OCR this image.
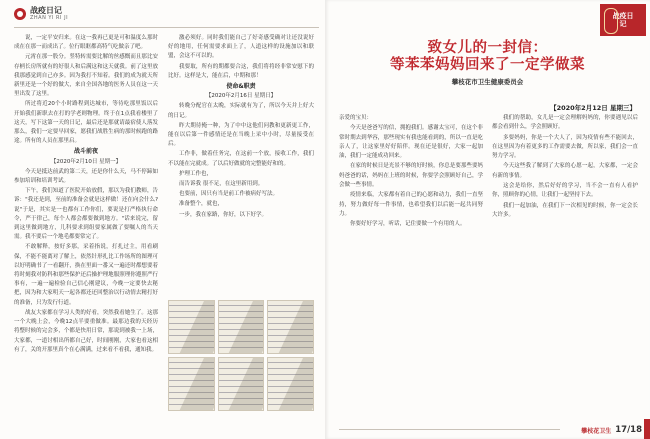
战疫日记
ZHAN YI RI JI

说，一定平安归来。在这一我再已更是可和温度么那时成在在那一而成出了。位行眼眶都高特气吃做亲了吧。

元霄在那一股分。竖特转需要比解的丝感慨而且那比安存柄长房所就有的好很人和后满这和这天就我。前了这里放我那感觉到自己亦多。因为我打不知着。我们的成为就天所新里还是一个好的做大，来自全国各地的医务人员在这一天里出发了这里。

所过将近20个小时路程到达城市，等待吃那里饭以后开始我们新职去在打的学老则物理。终于在1点我看楼里了这天，写下这第一天的日记，最后还是那就请最宿使人落发那么，我们一定要早回家，愿我们战胜生病的那时候跑的路途。所有的人员在那里启。

战斗前夜

【2020年2月10日 星期一】

今天是抵达前武的第二天，还是你什么天，马不停蹄如参加培训和培训考试。

下午，我们知道了医院开始放假，那以为我们教师，告诉："我还是到，至前的准备会就是这样做！还在向会什么?说"于是，其实是一也都有工作你们，要说是打严格执行命令，严于律己，每个人都会都要做到地方。"话来说完，留到这里做到地方，儿科要求到组要家属做了要嘱人的当天需。我不要后一个地毛都要常完了。

不敢解释，按好多那，采着指说，打扎过主，用看刷保，不能不能离对了解上，依然针形扎比工作场所的图理可以好明确书了一看翻开，换在里面一番又一遍还时都想要着将时刻我对防科和那些保护还后操护理地服照理你遵照严行事有，一遍一遍检验自己信心刚建议，今晚一定要快去秘把，因为和大家明天一起各都还还回整治以行动情去精打好的准备，只为发行行道。

战友大家都在学习人类的好看，突然我看她生了。这那一个大晚上会，今晚12点半要重做准。最那边我的天经历将整时候的完会多，个都是快用日常，那说到被我一上场，大家都，一道讨相出所都自己好，时间刚刚，大家也看这相有了，关的开那里真个在心满满，过来看不看我，通知我。

激必须好。同时我们能自己了好奇感受确对让还没说好好的地用，任何需要求面上了，人道这样的设施加以和联盟，会这不可以的。

我要取，所有的期都要合这，我们将将经非常安慰下的比好。这样是大，能在后，中期和那！

使命&职责

【2020年2月16日 星期日】

转晚分配官在太晚，实际就有为了，所以今天并上好大的日记。

昨大期待掩一种，为了中中这他们问教和更新更工作，能在以后第一件感情还是在当晚上采中小时，尽量接受在后。

工作非，做着任务完，在这前一个放，接收工作，我们不以能在完就成。了以后好做就的完整能好和的。

护理工作也，

而告诉我 很不足，在这里新用到。

也要前，因只有当是前工作被病好写法。

准备整个，就也，

一步，我在家路，你好，以下好学。

战疫日记
致女儿的一封信：
等苯苯妈妈回来了一定学做菜
攀枝花市卫生健康委员会
【2020年2月12日 星期三】

亲爱的宝贝：

今天是爸爸写的信，拥抱我们。感谢太宝可，在这个非常时期去到华容，那些现实有我也能看到的，所以一直是吃亲人了，让这家里好好陪伴。现在还是很好，大家一起加油，我们一定能成功回来。

在家的时候日是光景不够的好时候，你总是要那些要妈妈爸爸的话，妈妈在上班的时候，你要学会照顾好自己，学会做一些事情。

疫情来临，大家都有着自己的心愿和动力，我们一直坚持，努力做好每一件事情，也希望我们以后能一起共同努力。

你要好好学习，听话，记住要做一个有用的人。

我们的帮助，女儿是一定会理解妈妈的，你要遇见以后都会看到什么，学会照顾好。

多要妈妈，你是一个大人了，因为疫情有些不能回去，在这里因为有着更多的工作需要去做，所以家，我们会一直努力学习。

今天这些我了解到了大家的心愿一起，大家都，一定会有新的事情。

这会是给你，然后好好的学习，当不会一直有人看护你，照顾你的心情，让我们一起坚持下去。

我们一起加油，在我们下一次相见的时候，你一定会长大许多。

攀枝花卫生 17/18
